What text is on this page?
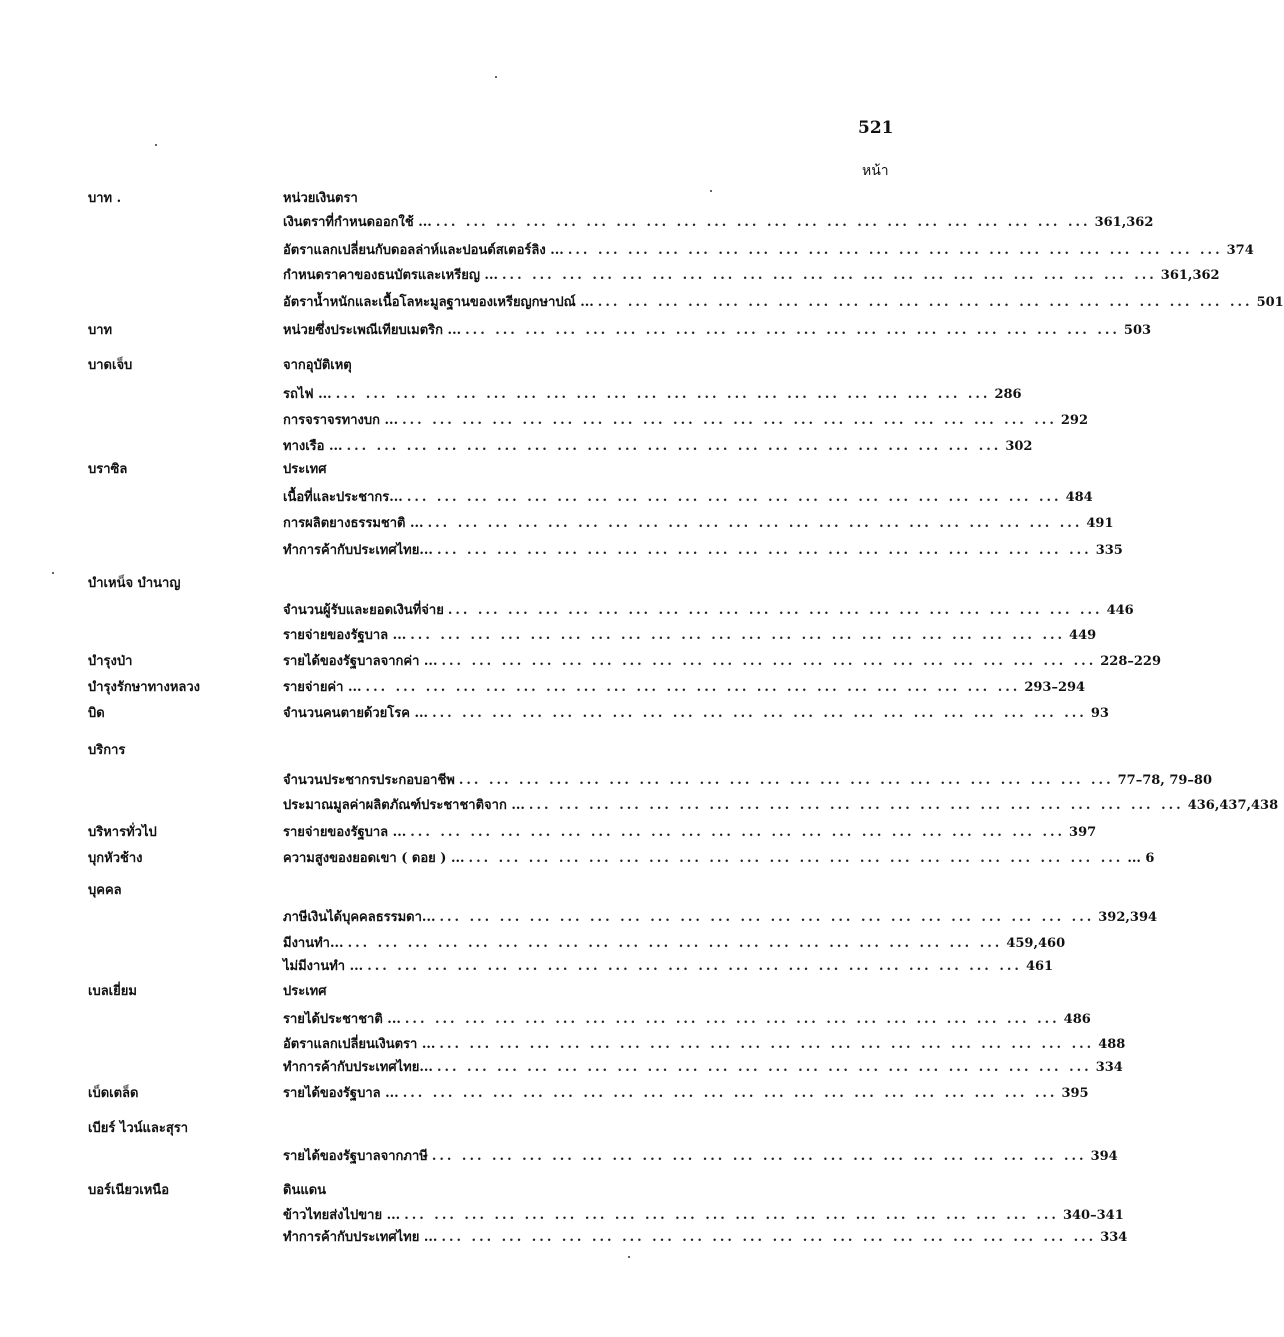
521
หน้า
บาท .	หน่วยเงินตรา
เงินตราที่กำหนดออกใช้ ... ... ... ... ... ... ... ... ... ... ... ... ... ... ... ... ... ... ... ... ... ... ... 361,362
อัตราแลกเปลี่ยนกับดอลล่าห์และปอนด์สเตอร์ลิง ... ... ... ... ... ... ... ... ... ... ... ... ... ... ... ... ... ... ... ... ... ... ... 374
กำหนดราคาของธนบัตรและเหรียญ ... ... ... ... ... ... ... ... ... ... ... ... ... ... ... ... ... ... ... ... ... ... ... 361,362
อัตราน้ำหนักและเนื้อโลหะมูลฐานของเหรียญกษาปณ์ ... ... ... ... ... ... ... ... ... ... ... ... ... ... ... ... ... ... ... ... ... ... ... 501
บาท	หน่วยซึ่งประเพณีเทียบเมตริก ... ... ... ... ... ... ... ... ... ... ... ... ... ... ... ... ... ... ... ... ... ... ... 503
บาดเจ็บ	จากอุบัติเหตุ
รถไฟ ... ... ... ... ... ... ... ... ... ... ... ... ... ... ... ... ... ... ... ... ... ... ... 286
การจราจรทางบก ... ... ... ... ... ... ... ... ... ... ... ... ... ... ... ... ... ... ... ... ... ... ... 292
ทางเรือ ... ... ... ... ... ... ... ... ... ... ... ... ... ... ... ... ... ... ... ... ... ... ... 302
บราซิล	ประเทศ
เนื้อที่และประชากร... ... ... ... ... ... ... ... ... ... ... ... ... ... ... ... ... ... ... ... ... ... ... 484
การผลิตยางธรรมชาติ ... ... ... ... ... ... ... ... ... ... ... ... ... ... ... ... ... ... ... ... ... ... ... 491
ทำการค้ากับประเทศไทย... ... ... ... ... ... ... ... ... ... ... ... ... ... ... ... ... ... ... ... ... ... ... 335
บำเหน็จ บำนาญ
จำนวนผู้รับและยอดเงินที่จ่าย ... ... ... ... ... ... ... ... ... ... ... ... ... ... ... ... ... ... ... ... ... ... 446
รายจ่ายของรัฐบาล ... ... ... ... ... ... ... ... ... ... ... ... ... ... ... ... ... ... ... ... ... ... ... 449
บำรุงป่า	รายได้ของรัฐบาลจากค่า ... ... ... ... ... ... ... ... ... ... ... ... ... ... ... ... ... ... ... ... ... ... ... 228–229
บำรุงรักษาทางหลวง	รายจ่ายค่า ... ... ... ... ... ... ... ... ... ... ... ... ... ... ... ... ... ... ... ... ... ... ... 293–294
บิด	จำนวนคนตายด้วยโรค ... ... ... ... ... ... ... ... ... ... ... ... ... ... ... ... ... ... ... ... ... ... ... 93
บริการ
จำนวนประชากรประกอบอาชีพ ... ... ... ... ... ... ... ... ... ... ... ... ... ... ... ... ... ... ... ... ... ... 77–78, 79–80
ประมาณมูลค่าผลิตภัณฑ์ประชาชาติจาก ... ... ... ... ... ... ... ... ... ... ... ... ... ... ... ... ... ... ... ... ... ... ... 436,437,438
บริหารทั่วไป	รายจ่ายของรัฐบาล ... ... ... ... ... ... ... ... ... ... ... ... ... ... ... ... ... ... ... ... ... ... ... 397
บุกหัวช้าง	ความสูงของยอดเขา ( ดอย ) ... ... ... ... ... ... ... ... ... ... ... ... ... ... ... ... ... ... ... ... ... ... ... ... 6
บุคคล
ภาษีเงินได้บุคคลธรรมดา... ... ... ... ... ... ... ... ... ... ... ... ... ... ... ... ... ... ... ... ... ... ... 392,394
มีงานทำ... ... ... ... ... ... ... ... ... ... ... ... ... ... ... ... ... ... ... ... ... ... ... 459,460
ไม่มีงานทำ ... ... ... ... ... ... ... ... ... ... ... ... ... ... ... ... ... ... ... ... ... ... ... 461
เบลเยี่ยม	ประเทศ
รายได้ประชาชาติ ... ... ... ... ... ... ... ... ... ... ... ... ... ... ... ... ... ... ... ... ... ... ... 486
อัตราแลกเปลี่ยนเงินตรา ... ... ... ... ... ... ... ... ... ... ... ... ... ... ... ... ... ... ... ... ... ... ... 488
ทำการค้ากับประเทศไทย... ... ... ... ... ... ... ... ... ... ... ... ... ... ... ... ... ... ... ... ... ... ... 334
เบ็ดเตล็ด	รายได้ของรัฐบาล ... ... ... ... ... ... ... ... ... ... ... ... ... ... ... ... ... ... ... ... ... ... ... 395
เบียร์ ไวน์และสุรา
รายได้ของรัฐบาลจากภาษี ... ... ... ... ... ... ... ... ... ... ... ... ... ... ... ... ... ... ... ... ... ... 394
บอร์เนียวเหนือ	ดินแดน
ข้าวไทยส่งไปขาย ... ... ... ... ... ... ... ... ... ... ... ... ... ... ... ... ... ... ... ... ... ... ... 340–341
ทำการค้ากับประเทศไทย ... ... ... ... ... ... ... ... ... ... ... ... ... ... ... ... ... ... ... ... ... ... ... 334
